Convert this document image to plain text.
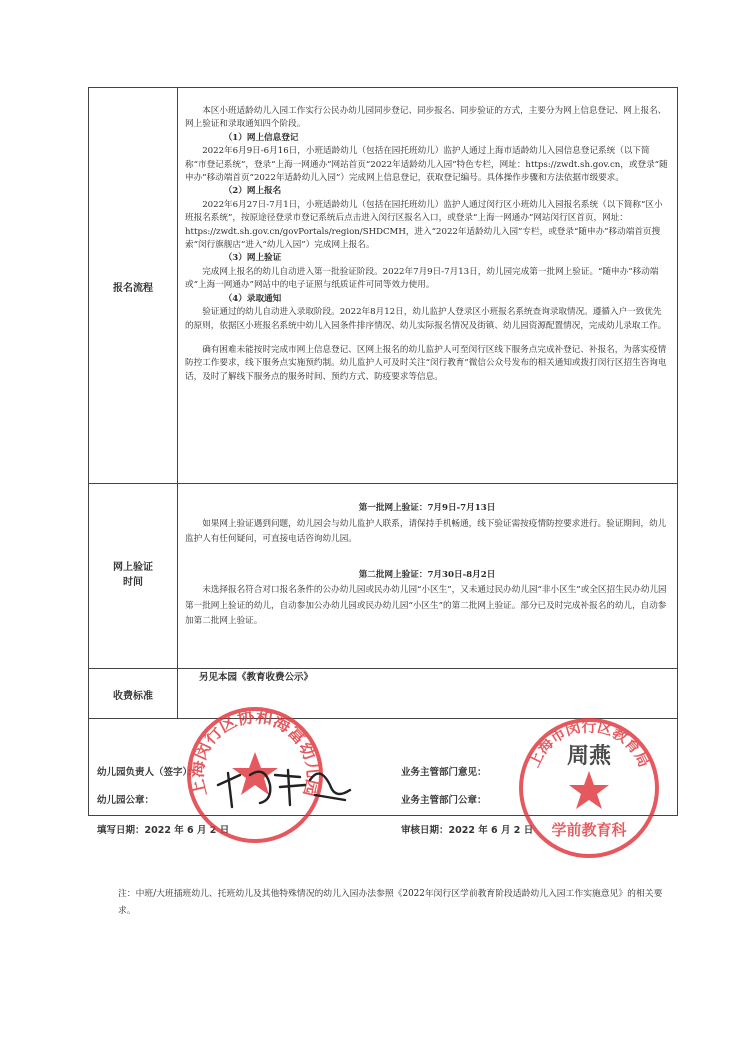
报名流程

本区小班适龄幼儿入园工作实行公民办幼儿园同步登记、同步报名、同步验证的方式，主要分为网上信息登记、网上报名、网上验证和录取通知四个阶段。

（1）网上信息登记

2022年6月9日-6月16日，小班适龄幼儿（包括在园托班幼儿）监护人通过上海市适龄幼儿入园信息登记系统（以下简称“市登记系统”，登录“上海一网通办”网站首页“2022年适龄幼儿入园”特色专栏，网址：https://zwdt.sh.gov.cn，或登录“随申办”移动端首页“2022年适龄幼儿入园”）完成网上信息登记，获取登记编号。具体操作步骤和方法依据市级要求。

（2）网上报名

2022年6月27日-7月1日，小班适龄幼儿（包括在园托班幼儿）监护人通过闵行区小班幼儿入园报名系统（以下简称“区小班报名系统”，按原途径登录市登记系统后点击进入闵行区报名入口，或登录“上海一网通办”网站闵行区首页，网址：https://zwdt.sh.gov.cn/govPortals/region/SHDCMH，进入“2022年适龄幼儿入园”专栏，或登录“随申办”移动端首页搜索“闵行旗舰店”进入“幼儿入园”）完成网上报名。

（3）网上验证

完成网上报名的幼儿自动进入第一批验证阶段。2022年7月9日-7月13日，幼儿园完成第一批网上验证。“随申办”移动端或“上海一网通办”网站中的电子证照与纸质证件可同等效力使用。

（4）录取通知

验证通过的幼儿自动进入录取阶段。2022年8月12日，幼儿监护人登录区小班报名系统查询录取情况。遵循入户一致优先的原则，依据区小班报名系统中幼儿入园条件排序情况、幼儿实际报名情况及街镇、幼儿园资源配置情况，完成幼儿录取工作。

确有困难未能按时完成市网上信息登记、区网上报名的幼儿监护人可至闵行区线下服务点完成补登记、补报名，为落实疫情防控工作要求，线下服务点实施预约制。幼儿监护人可及时关注“闵行教育”微信公众号发布的相关通知或拨打闵行区招生咨询电话，及时了解线下服务点的服务时间、预约方式、防疫要求等信息。

网上验证
时间

第一批网上验证：7月9日-7月13日

如果网上验证遇到问题，幼儿园会与幼儿监护人联系，请保持手机畅通，线下验证需按疫情防控要求进行。验证期间，幼儿监护人有任何疑问，可直接电话咨询幼儿园。

第二批网上验证：7月30日-8月2日

未选择报名符合对口报名条件的公办幼儿园或民办幼儿园“小区生”，又未通过民办幼儿园“非小区生”或全区招生民办幼儿园第一批网上验证的幼儿，自动参加公办幼儿园或民办幼儿园“小区生”的第二批网上验证。部分已及时完成补报名的幼儿，自动参加第二批网上验证。

收费标准
另见本园《教育收费公示》
幼儿园负责人（签字）：
幼儿园公章：
填写日期：2022 年 6 月 2 日
业务主管部门意见：
业务主管部门公章：
审核日期：2022 年 6 月 2 日
上海闵行区协和海富幼儿园
上海市闵行区教育局
学前教育科
周燕
注：中班/大班插班幼儿、托班幼儿及其他特殊情况的幼儿入园办法参照《2022年闵行区学前教育阶段适龄幼儿入园工作实施意见》的相关要求。
